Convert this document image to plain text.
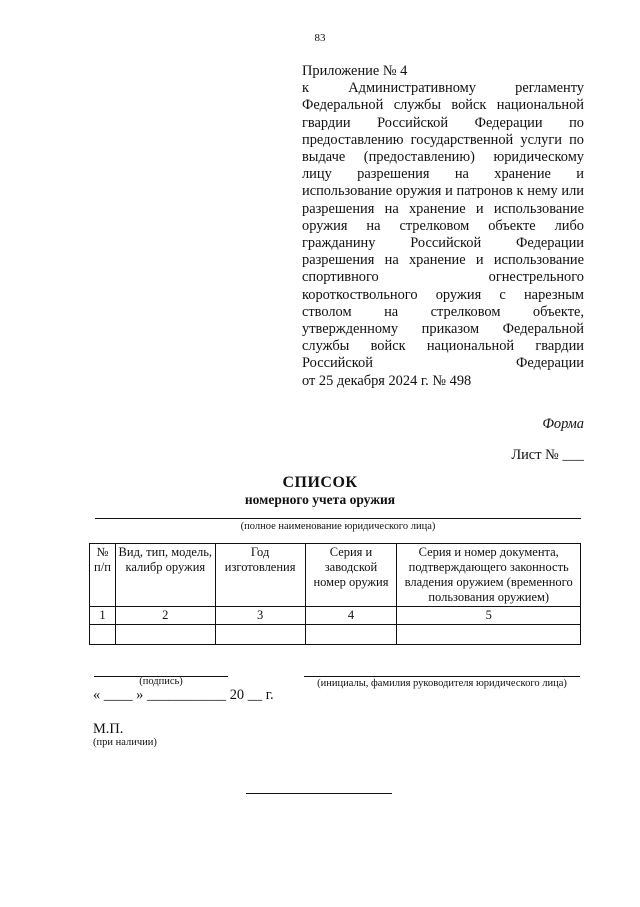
83
Приложение № 4
к Административному регламенту Федеральной службы войск национальной гвардии Российской Федерации по предоставлению государственной услуги по выдаче (предоставлению) юридическому лицу разрешения на хранение и использование оружия и патронов к нему или разрешения на хранение и использование оружия на стрелковом объекте либо гражданину Российской Федерации разрешения на хранение и использование спортивного огнестрельного короткоствольного оружия с нарезным стволом на стрелковом объекте, утвержденному приказом Федеральной службы войск национальной гвардии Российской Федерации
от 25 декабря 2024 г. № 498
Форма
Лист № ___
СПИСОК
номерного учета оружия
(полное наименование юридического лица)
№ п/п	Вид, тип, модель, калибр оружия	Год изготовления	Серия и заводской номер оружия	Серия и номер документа, подтверждающего законность владения оружием (временного пользования оружием)
1	2	3	4	5

(подпись)	(инициалы, фамилия руководителя юридического лица)
« ____ » ___________ 20 __ г.
М.П.
(при наличии)
